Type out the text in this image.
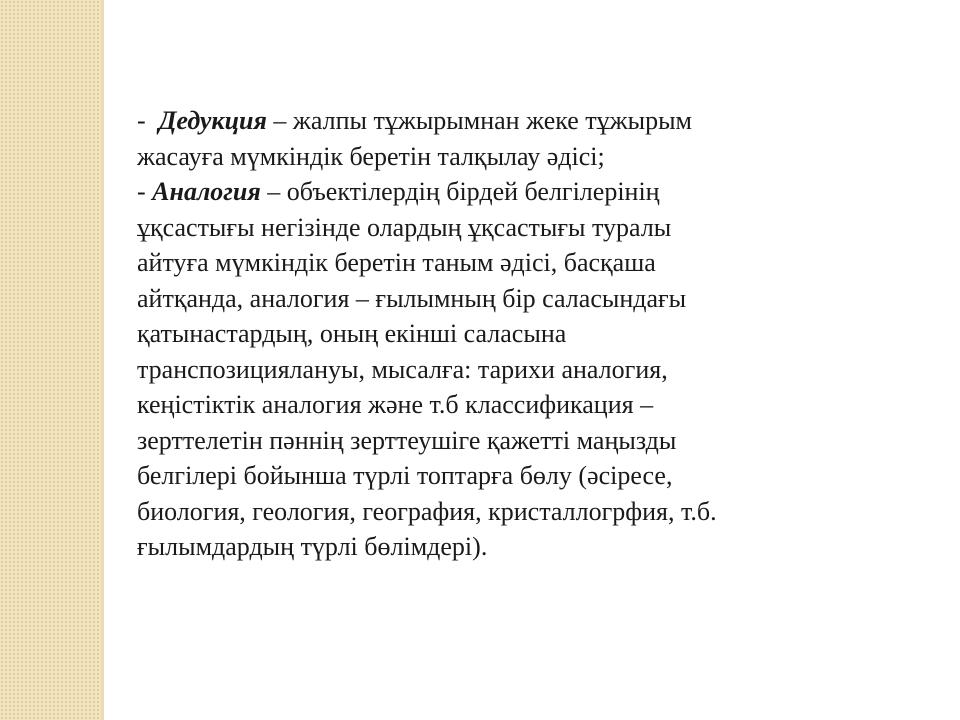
-  Дедукция – жалпы тұжырымнан жеке тұжырым
жасауға мүмкіндік беретін талқылау әдісі;
- Аналогия – объектілердің бірдей белгілерінің
ұқсастығы негізінде олардың ұқсастығы туралы
айтуға мүмкіндік беретін таным әдісі, басқаша
айтқанда, аналогия – ғылымның бір саласындағы
қатынастардың, оның екінші саласына
транспозициялануы, мысалға: тарихи аналогия,
кеңістіктік аналогия және т.б классификация –
зерттелетін пәннің зерттеушіге қажетті маңызды
белгілері бойынша түрлі топтарға бөлу (әсіресе,
биология, геология, география, кристаллогрфия, т.б.
ғылымдардың түрлі бөлімдері).
